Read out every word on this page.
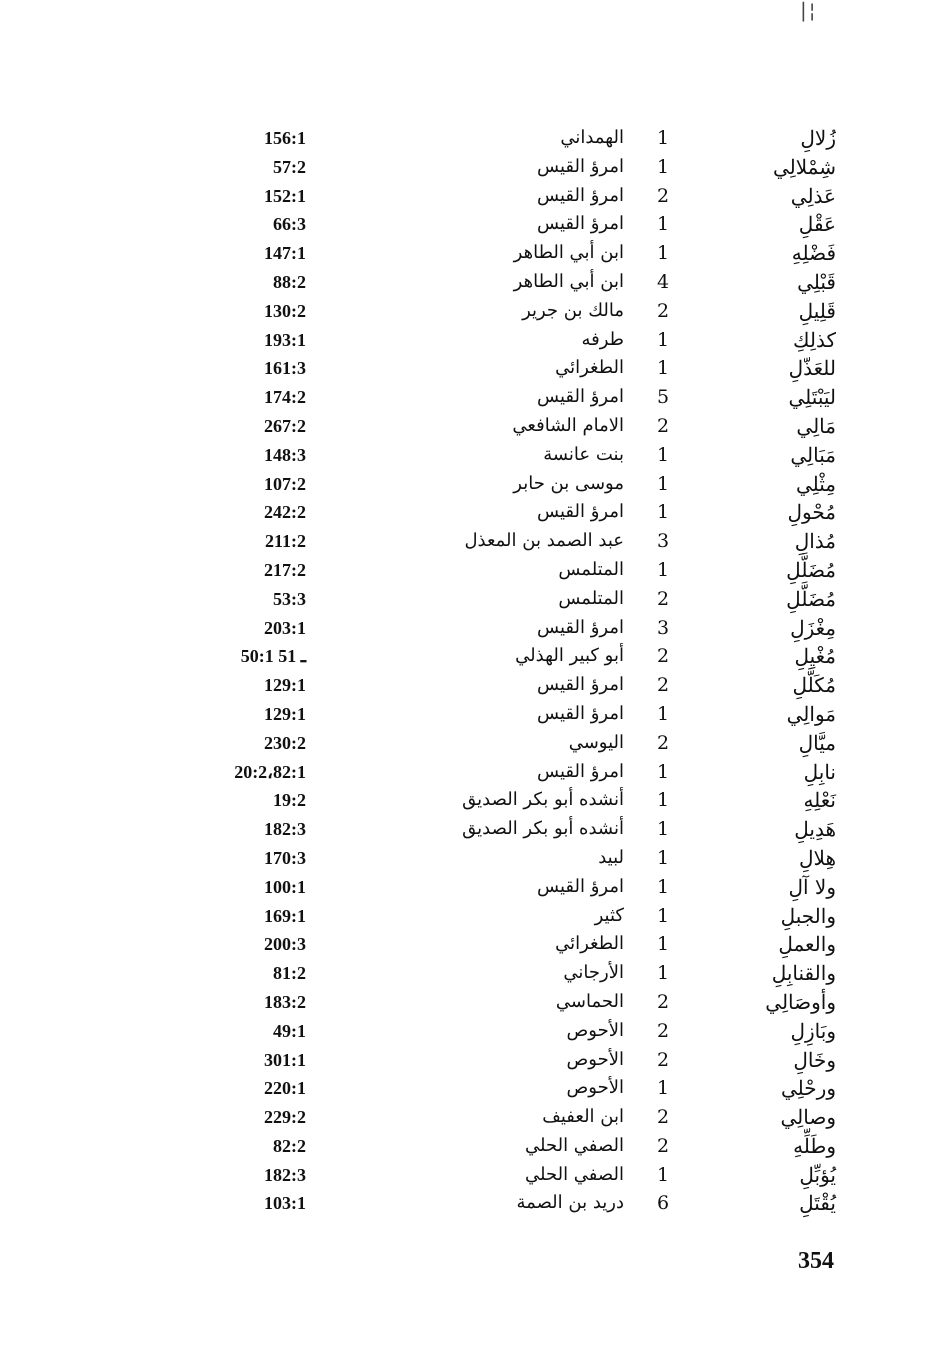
|¦
زُلالِ
1
الهمداني
156:1
شِمْلالِي
1
امرؤ القيس
57:2
عَذلِي
2
امرؤ القيس
152:1
عَقْلِ
1
امرؤ القيس
66:3
فَضْلِهِ
1
ابن أبي الطاهر
147:1
قَبْلِي
4
ابن أبي الطاهر
88:2
قَلِيلِ
2
مالك بن جرير
130:2
كذلِكِ
1
طرفه
193:1
للعَذّلِ
1
الطغرائي
161:3
ليَبْتَلِي
5
امرؤ القيس
174:2
مَالِي
2
الامام الشافعي
267:2
مَبَالِي
1
بنت عانسة
148:3
مِثْلِي
1
موسى بن حابر
107:2
مُحْولِ
1
امرؤ القيس
242:2
مُذالِ
3
عبد الصمد بن المعذل
211:2
مُضَلَّلِ
1
المتلمس
217:2
مُضَلَّلِ
2
المتلمس
53:3
مِغْزَلِ
3
امرؤ القيس
203:1
مُغْيِلِ
2
أبو كبير الهذلي
50:1 ـ 51
مُكَلَّلِ
2
امرؤ القيس
129:1
مَوالِي
1
امرؤ القيس
129:1
ميَّالِ
2
اليوسي
230:2
نابِلِ
1
امرؤ القيس
20:2،82:1
نَعْلِهِ
1
أنشده أبو بكر الصديق
19:2
هَدِيلِ
1
أنشده أبو بكر الصديق
182:3
هِلالِ
1
لبيد
170:3
ولا آلِ
1
امرؤ القيس
100:1
والجبلِ
1
كثير
169:1
والعملِ
1
الطغرائي
200:3
والقنابِلِ
1
الأرجاني
81:2
وأوصَالِي
2
الحماسي
183:2
وبَازِلِ
2
الأحوص
49:1
وخَالِ
2
الأحوص
301:1
ورحْلِي
1
الأحوص
220:1
وصالِي
2
ابن العفيف
229:2
وطَلِّهِ
2
الصفي الحلي
82:2
يُؤبِّلِ
1
الصفي الحلي
182:3
يُقْتَلِ
6
دريد بن الصمة
103:1
354
